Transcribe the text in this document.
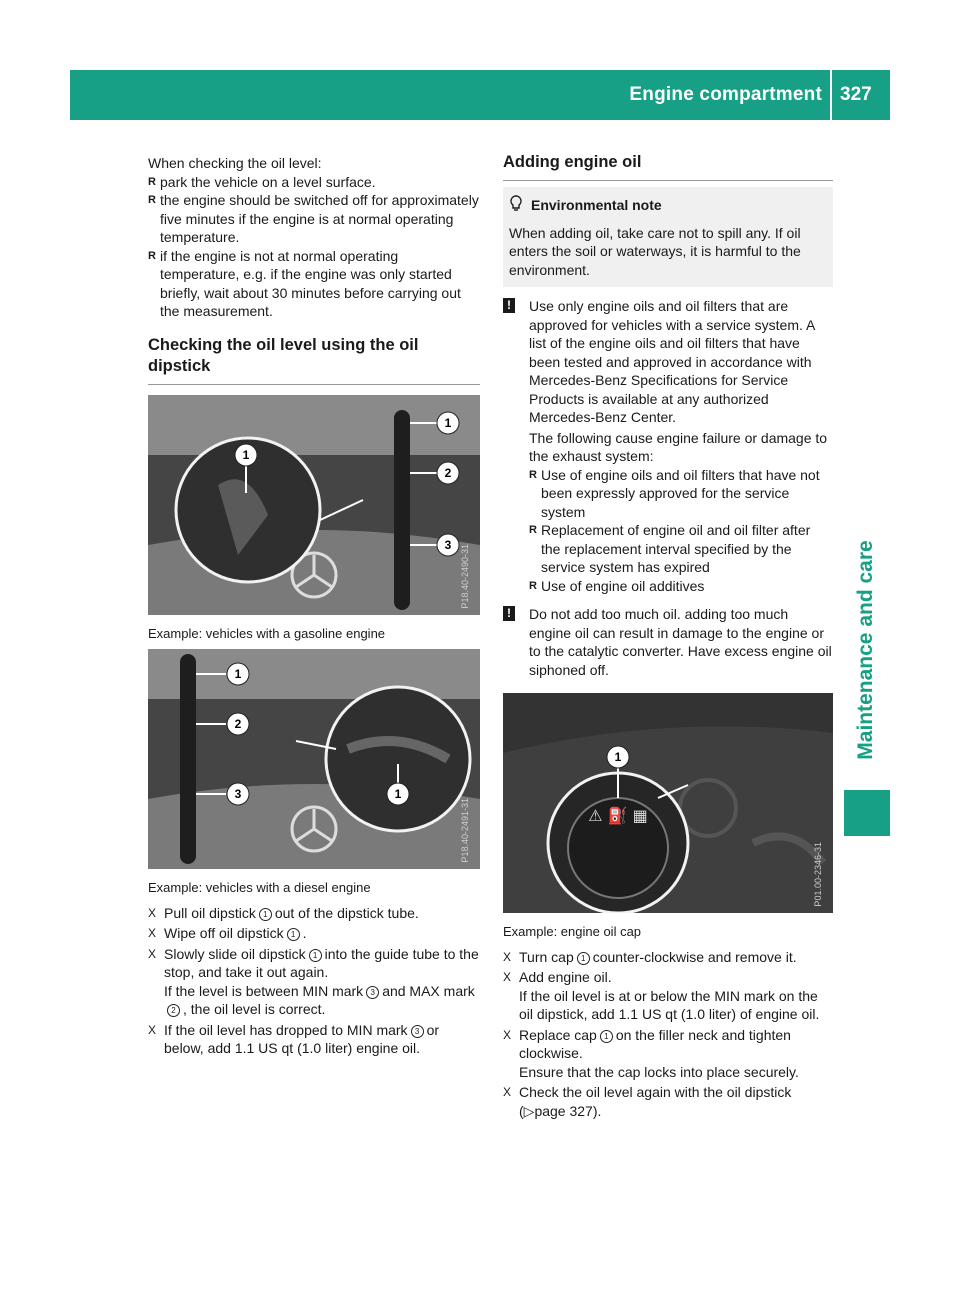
Engine compartment 327
Maintenance and care

When checking the oil level:

R park the vehicle on a level surface.
R the engine should be switched off for approximately five minutes if the engine is at normal operating temperature.
R if the engine is not at normal operating temperature, e.g. if the engine was only started briefly, wait about 30 minutes before carrying out the measurement.

Checking the oil level using the oil dipstick

1
1
2
3 P18.40-2490-31

Example: vehicles with a gasoline engine

1
2
3	1
P18.40-2491-31

Example: vehicles with a diesel engine

X Pull oil dipstick 1 out of the dipstick tube.
X Wipe off oil dipstick 1 .
X Slowly slide oil dipstick 1 into the guide tube to the stop, and take it out again.
If the level is between MIN mark 3 and MAX mark2 , the oil level is correct.
X If the oil level has dropped to MIN mark 3 or below, add 1.1 US qt (1.0 liter) engine oil.

Adding engine oil

Environmental note

When adding oil, take care not to spill any. If oil enters the soil or waterways, it is harmful to the environment.

! Use only engine oils and oil filters that are approved for vehicles with a service system. A list of the engine oils and oil filters that have been tested and approved in accordance with Mercedes-Benz Specifications for Service Products is available at any authorized Mercedes-Benz Center.

The following cause engine failure or damage to the exhaust system:

R Use of engine oils and oil filters that have not been expressly approved for the service system
R Replacement of engine oil and oil filter after the replacement interval specified by the service system has expired
R Use of engine oil additives
! Do not add too much oil. adding too much engine oil can result in damage to the engine or to the catalytic converter. Have excess engine oil siphoned off.

⚠ ⛽ ▦
1
P01.00-2346-31

Example: engine oil cap

X Turn cap 1 counter-clockwise and remove it.
X Add engine oil.
If the oil level is at or below the MIN mark on the oil dipstick, add 1.1 US qt (1.0 liter) of engine oil.
X Replace cap 1 on the filler neck and tighten clockwise.
Ensure that the cap locks into place securely.
X Check the oil level again with the oil dipstick (▷page 327).
